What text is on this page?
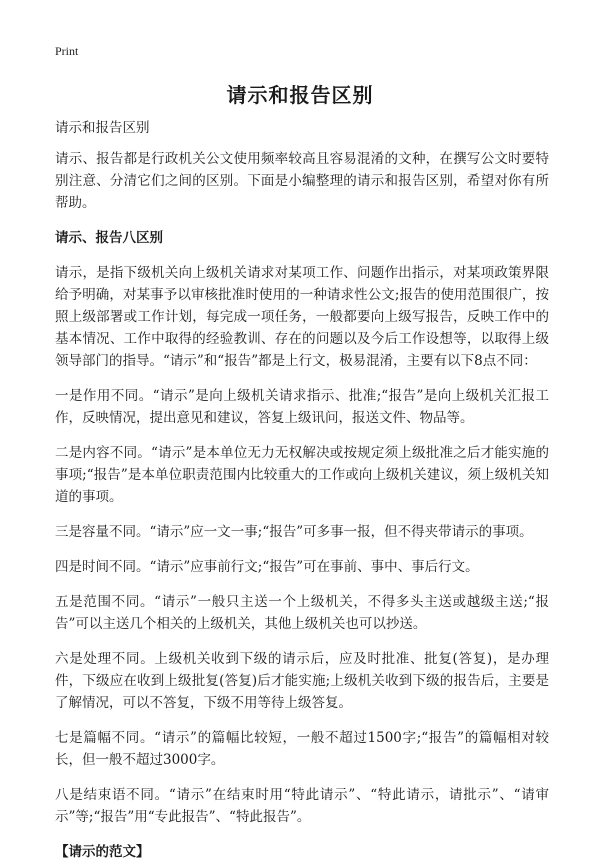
Print
请示和报告区别

请示和报告区别

请示、报告都是行政机关公文使用频率较高且容易混淆的文种，在撰写公文时要特别注意、分清它们之间的区别。下面是小编整理的请示和报告区别，希望对你有所帮助。

请示、报告八区别

请示，是指下级机关向上级机关请求对某项工作、问题作出指示，对某项政策界限给予明确，对某事予以审核批准时使用的一种请求性公文;报告的使用范围很广，按照上级部署或工作计划，每完成一项任务，一般都要向上级写报告，反映工作中的基本情况、工作中取得的经验教训、存在的问题以及今后工作设想等，以取得上级领导部门的指导。“请示”和“报告”都是上行文，极易混淆，主要有以下8点不同：

一是作用不同。“请示”是向上级机关请求指示、批准;“报告”是向上级机关汇报工作，反映情况，提出意见和建议，答复上级讯问，报送文件、物品等。

二是内容不同。“请示”是本单位无力无权解决或按规定须上级批准之后才能实施的事项;“报告”是本单位职责范围内比较重大的工作或向上级机关建议，须上级机关知道的事项。

三是容量不同。“请示”应一文一事;“报告”可多事一报，但不得夹带请示的事项。

四是时间不同。“请示”应事前行文;“报告”可在事前、事中、事后行文。

五是范围不同。“请示”一般只主送一个上级机关，不得多头主送或越级主送;“报告”可以主送几个相关的上级机关，其他上级机关也可以抄送。

六是处理不同。上级机关收到下级的请示后，应及时批准、批复(答复)，是办理件，下级应在收到上级批复(答复)后才能实施;上级机关收到下级的报告后，主要是了解情况，可以不答复，下级不用等待上级答复。

七是篇幅不同。“请示”的篇幅比较短，一般不超过1500字;“报告”的篇幅相对较长，但一般不超过3000字。

八是结束语不同。“请示”在结束时用“特此请示”、“特此请示，请批示”、“请审示”等;“报告”用“专此报告”、“特此报告”。

【请示的范文】
